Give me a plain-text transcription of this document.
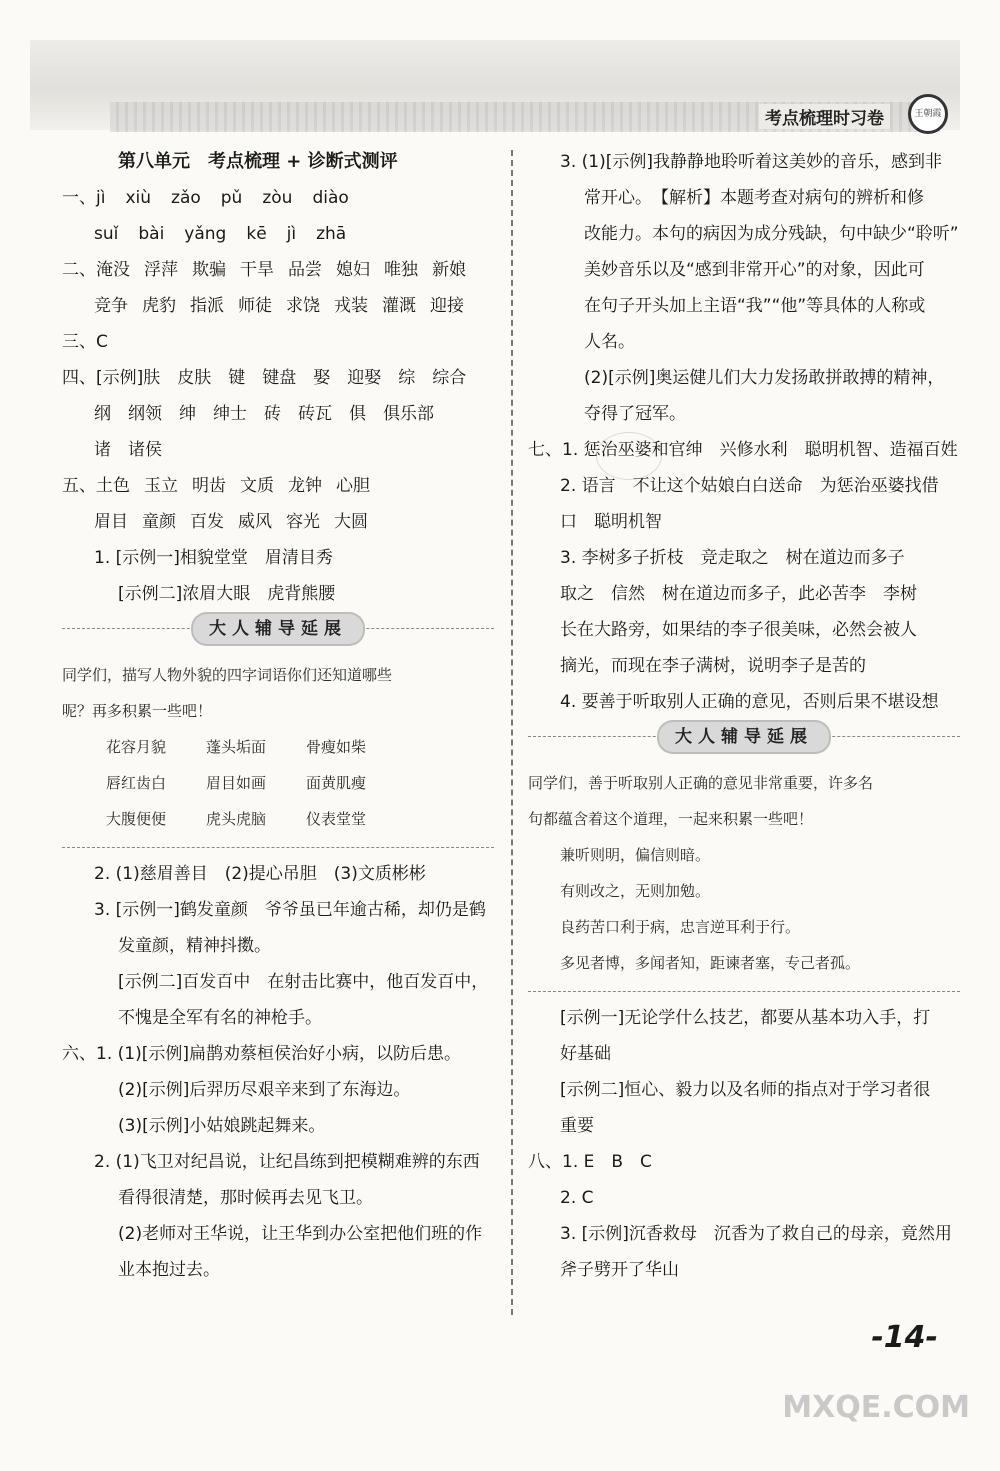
考点梳理时习卷	王朝霞
第八单元　考点梳理 + 诊断式测评
一、jì xiù zǎo pǔ zòu diào
suǐ bài yǎng kē jì zhā
二、淹没 浮萍 欺骗 干旱 品尝 媳妇 唯独 新娘
竞争 虎豹 指派 师徒 求饶 戎装 灌溉 迎接
三、C
四、[示例]肤　皮肤　键　键盘　娶　迎娶　综　综合
纲　纲领　绅　绅士　砖　砖瓦　俱　俱乐部
诸　诸侯
五、土色 玉立 明齿 文质 龙钟 心胆
眉目 童颜 百发 威风 容光 大圆
1. [示例一]相貌堂堂　眉清目秀
[示例二]浓眉大眼　虎背熊腰
大人辅导延展
同学们，描写人物外貌的四字词语你们还知道哪些
呢？再多积累一些吧！
花容月貌	蓬头垢面	骨瘦如柴
唇红齿白	眉目如画	面黄肌瘦
大腹便便	虎头虎脑	仪表堂堂
2. (1)慈眉善目　(2)提心吊胆　(3)文质彬彬
3. [示例一]鹤发童颜　爷爷虽已年逾古稀，却仍是鹤
发童颜，精神抖擞。
[示例二]百发百中　在射击比赛中，他百发百中，
不愧是全军有名的神枪手。
六、1. (1)[示例]扁鹊劝蔡桓侯治好小病，以防后患。
(2)[示例]后羿历尽艰辛来到了东海边。
(3)[示例]小姑娘跳起舞来。
2. (1)飞卫对纪昌说，让纪昌练到把模糊难辨的东西
看得很清楚，那时候再去见飞卫。
(2)老师对王华说，让王华到办公室把他们班的作
业本抱过去。
3. (1)[示例]我静静地聆听着这美妙的音乐，感到非
常开心。　【解析】本题考查对病句的辨析和修
改能力。本句的病因为成分残缺，句中缺少“聆听”
美妙音乐以及“感到非常开心”的对象，因此可
在句子开头加上主语“我”“他”等具体的人称或
人名。
(2)[示例]奥运健儿们大力发扬敢拼敢搏的精神，
夺得了冠军。
七、1. 惩治巫婆和官绅　兴修水利　聪明机智、造福百姓
2. 语言　不让这个姑娘白白送命　为惩治巫婆找借
口　聪明机智
3. 李树多子折枝　竞走取之　树在道边而多子
取之　信然　树在道边而多子，此必苦李　李树
长在大路旁，如果结的李子很美味，必然会被人
摘光，而现在李子满树，说明李子是苦的
4. 要善于听取别人正确的意见，否则后果不堪设想
大人辅导延展
同学们，善于听取别人正确的意见非常重要，许多名
句都蕴含着这个道理，一起来积累一些吧！
兼听则明，偏信则暗。
有则改之，无则加勉。
良药苦口利于病，忠言逆耳利于行。
多见者博，多闻者知，距谏者塞，专己者孤。
[示例一]无论学什么技艺，都要从基本功入手，打
好基础
[示例二]恒心、毅力以及名师的指点对于学习者很
重要
八、1. E　B　C
2. C
3. [示例]沉香救母　沉香为了救自己的母亲，竟然用
斧子劈开了华山
-14-
MXQE.COM
